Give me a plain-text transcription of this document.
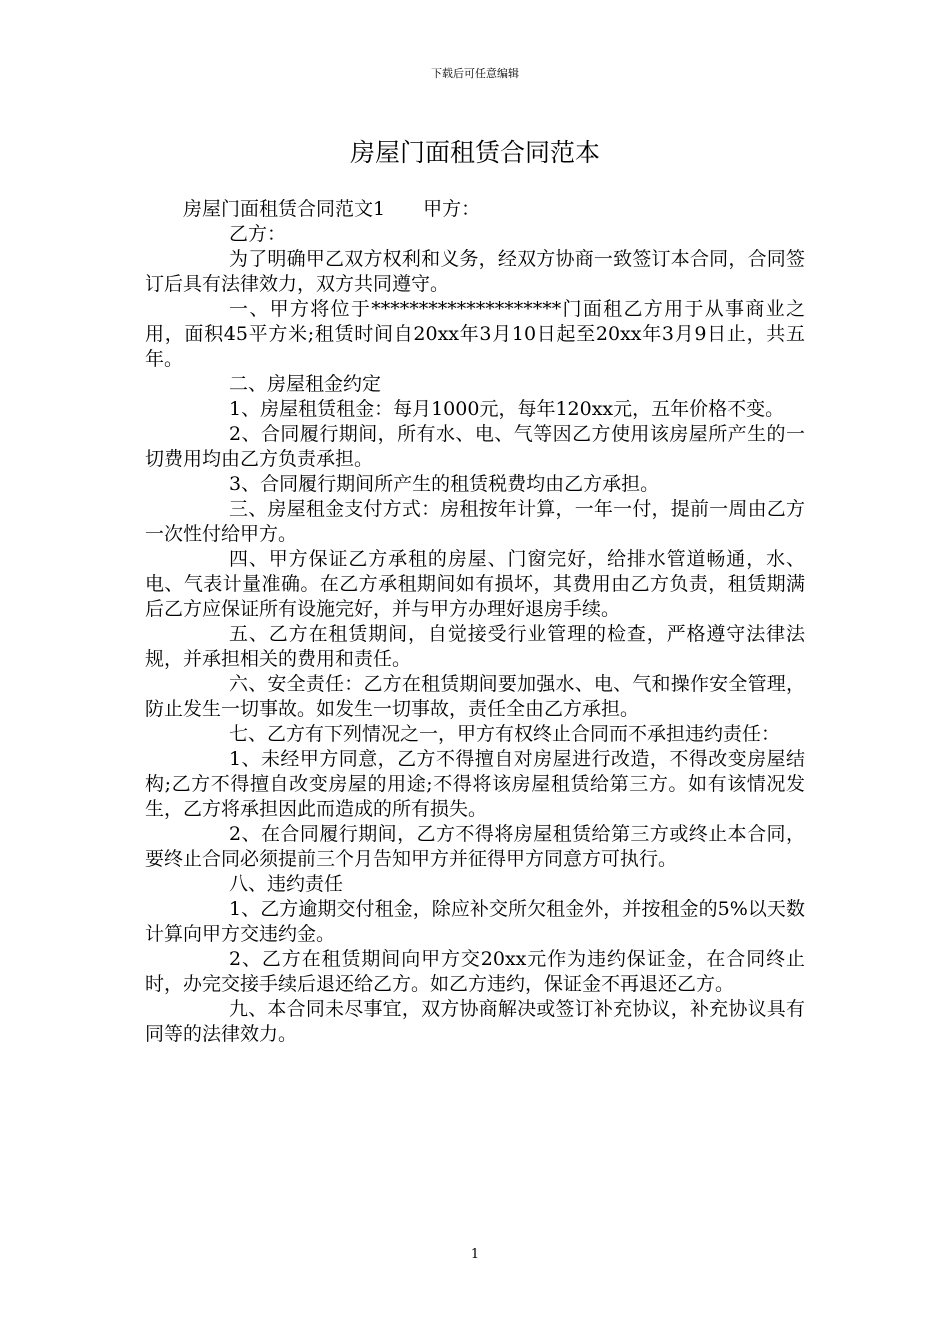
下载后可任意编辑
房屋门面租赁合同范本

房屋门面租赁合同范文1　　甲方：

乙方：

为了明确甲乙双方权利和义务，经双方协商一致签订本合同，合同签订后具有法律效力，双方共同遵守。

一、甲方将位于********************门面租乙方用于从事商业之用，面积45平方米;租赁时间自20xx年3月10日起至20xx年3月9日止，共五年。

二、房屋租金约定

1、房屋租赁租金：每月1000元，每年120xx元，五年价格不变。

2、合同履行期间，所有水、电、气等因乙方使用该房屋所产生的一切费用均由乙方负责承担。

3、合同履行期间所产生的租赁税费均由乙方承担。

三、房屋租金支付方式：房租按年计算，一年一付，提前一周由乙方一次性付给甲方。

四、甲方保证乙方承租的房屋、门窗完好，给排水管道畅通，水、电、气表计量准确。在乙方承租期间如有损坏，其费用由乙方负责，租赁期满后乙方应保证所有设施完好，并与甲方办理好退房手续。

五、乙方在租赁期间，自觉接受行业管理的检查，严格遵守法律法规，并承担相关的费用和责任。

六、安全责任：乙方在租赁期间要加强水、电、气和操作安全管理，防止发生一切事故。如发生一切事故，责任全由乙方承担。

七、乙方有下列情况之一，甲方有权终止合同而不承担违约责任：

1、未经甲方同意，乙方不得擅自对房屋进行改造，不得改变房屋结构;乙方不得擅自改变房屋的用途;不得将该房屋租赁给第三方。如有该情况发生，乙方将承担因此而造成的所有损失。

2、在合同履行期间，乙方不得将房屋租赁给第三方或终止本合同，要终止合同必须提前三个月告知甲方并征得甲方同意方可执行。

八、违约责任

1、乙方逾期交付租金，除应补交所欠租金外，并按租金的5%以天数计算向甲方交违约金。

2、乙方在租赁期间向甲方交20xx元作为违约保证金，在合同终止时，办完交接手续后退还给乙方。如乙方违约，保证金不再退还乙方。

九、本合同未尽事宜，双方协商解决或签订补充协议，补充协议具有同等的法律效力。

1
